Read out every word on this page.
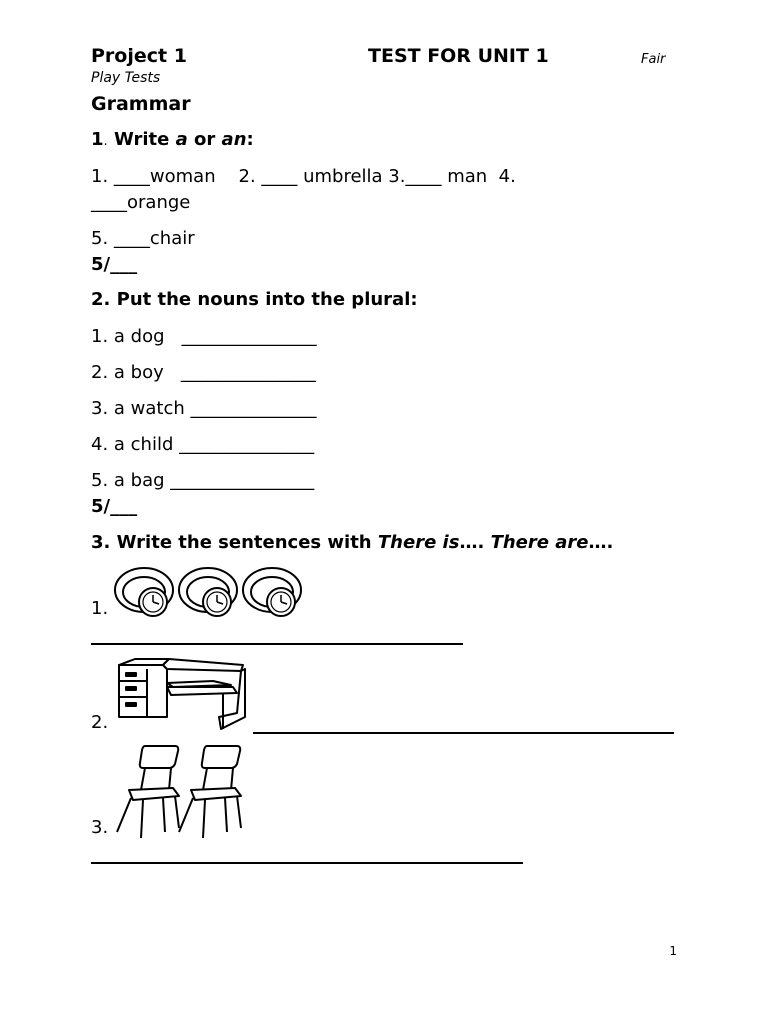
Project 1	TEST FOR UNIT 1	Fair
Play Tests
Grammar
1. Write a or an:
1. ____woman    2. ____ umbrella 3.____ man  4.
____orange
5. ____chair
5/___
2. Put the nouns into the plural:
1. a dog   _______________
2. a boy   _______________
3. a watch ______________
4. a child _______________
5. a bag ________________
5/___
3. Write the sentences with There is…. There are….
1.
2.
3.
1
